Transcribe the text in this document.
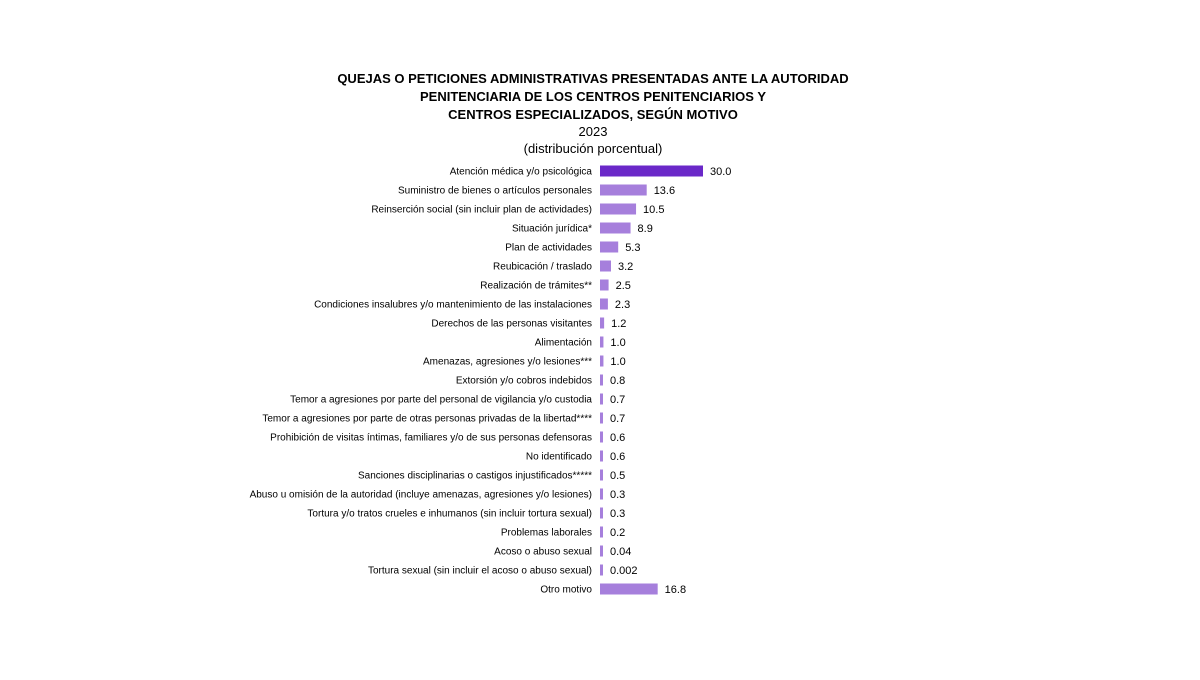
QUEJAS O PETICIONES ADMINISTRATIVAS PRESENTADAS ANTE LA AUTORIDAD
PENITENCIARIA DE LOS CENTROS PENITENCIARIOS Y
CENTROS ESPECIALIZADOS, SEGÚN MOTIVO
2023
(distribución porcentual)
Atención médica y/o psicológica	30.0
Suministro de bienes o artículos personales	13.6
Reinserción social (sin incluir plan de actividades)	10.5
Situación jurídica*	8.9
Plan de actividades	5.3
Reubicación / traslado 3.2
Realización de trámites** 2.5
Condiciones insalubres y/o mantenimiento de las instalaciones 2.3
Derechos de las personas visitantes 1.2
Alimentación 1.0
Amenazas, agresiones y/o lesiones*** 1.0
Extorsión y/o cobros indebidos 0.8
Temor a agresiones por parte del personal de vigilancia y/o custodia 0.7
Temor a agresiones por parte de otras personas privadas de la libertad**** 0.7
Prohibición de visitas íntimas, familiares y/o de sus personas defensoras 0.6
No identificado 0.6
Sanciones disciplinarias o castigos injustificados***** 0.5
Abuso u omisión de la autoridad (incluye amenazas, agresiones y/o lesiones) 0.3
Tortura y/o tratos crueles e inhumanos (sin incluir tortura sexual) 0.3
Problemas laborales 0.2
Acoso o abuso sexual 0.04
Tortura sexual (sin incluir el acoso o abuso sexual) 0.002
Otro motivo	16.8
